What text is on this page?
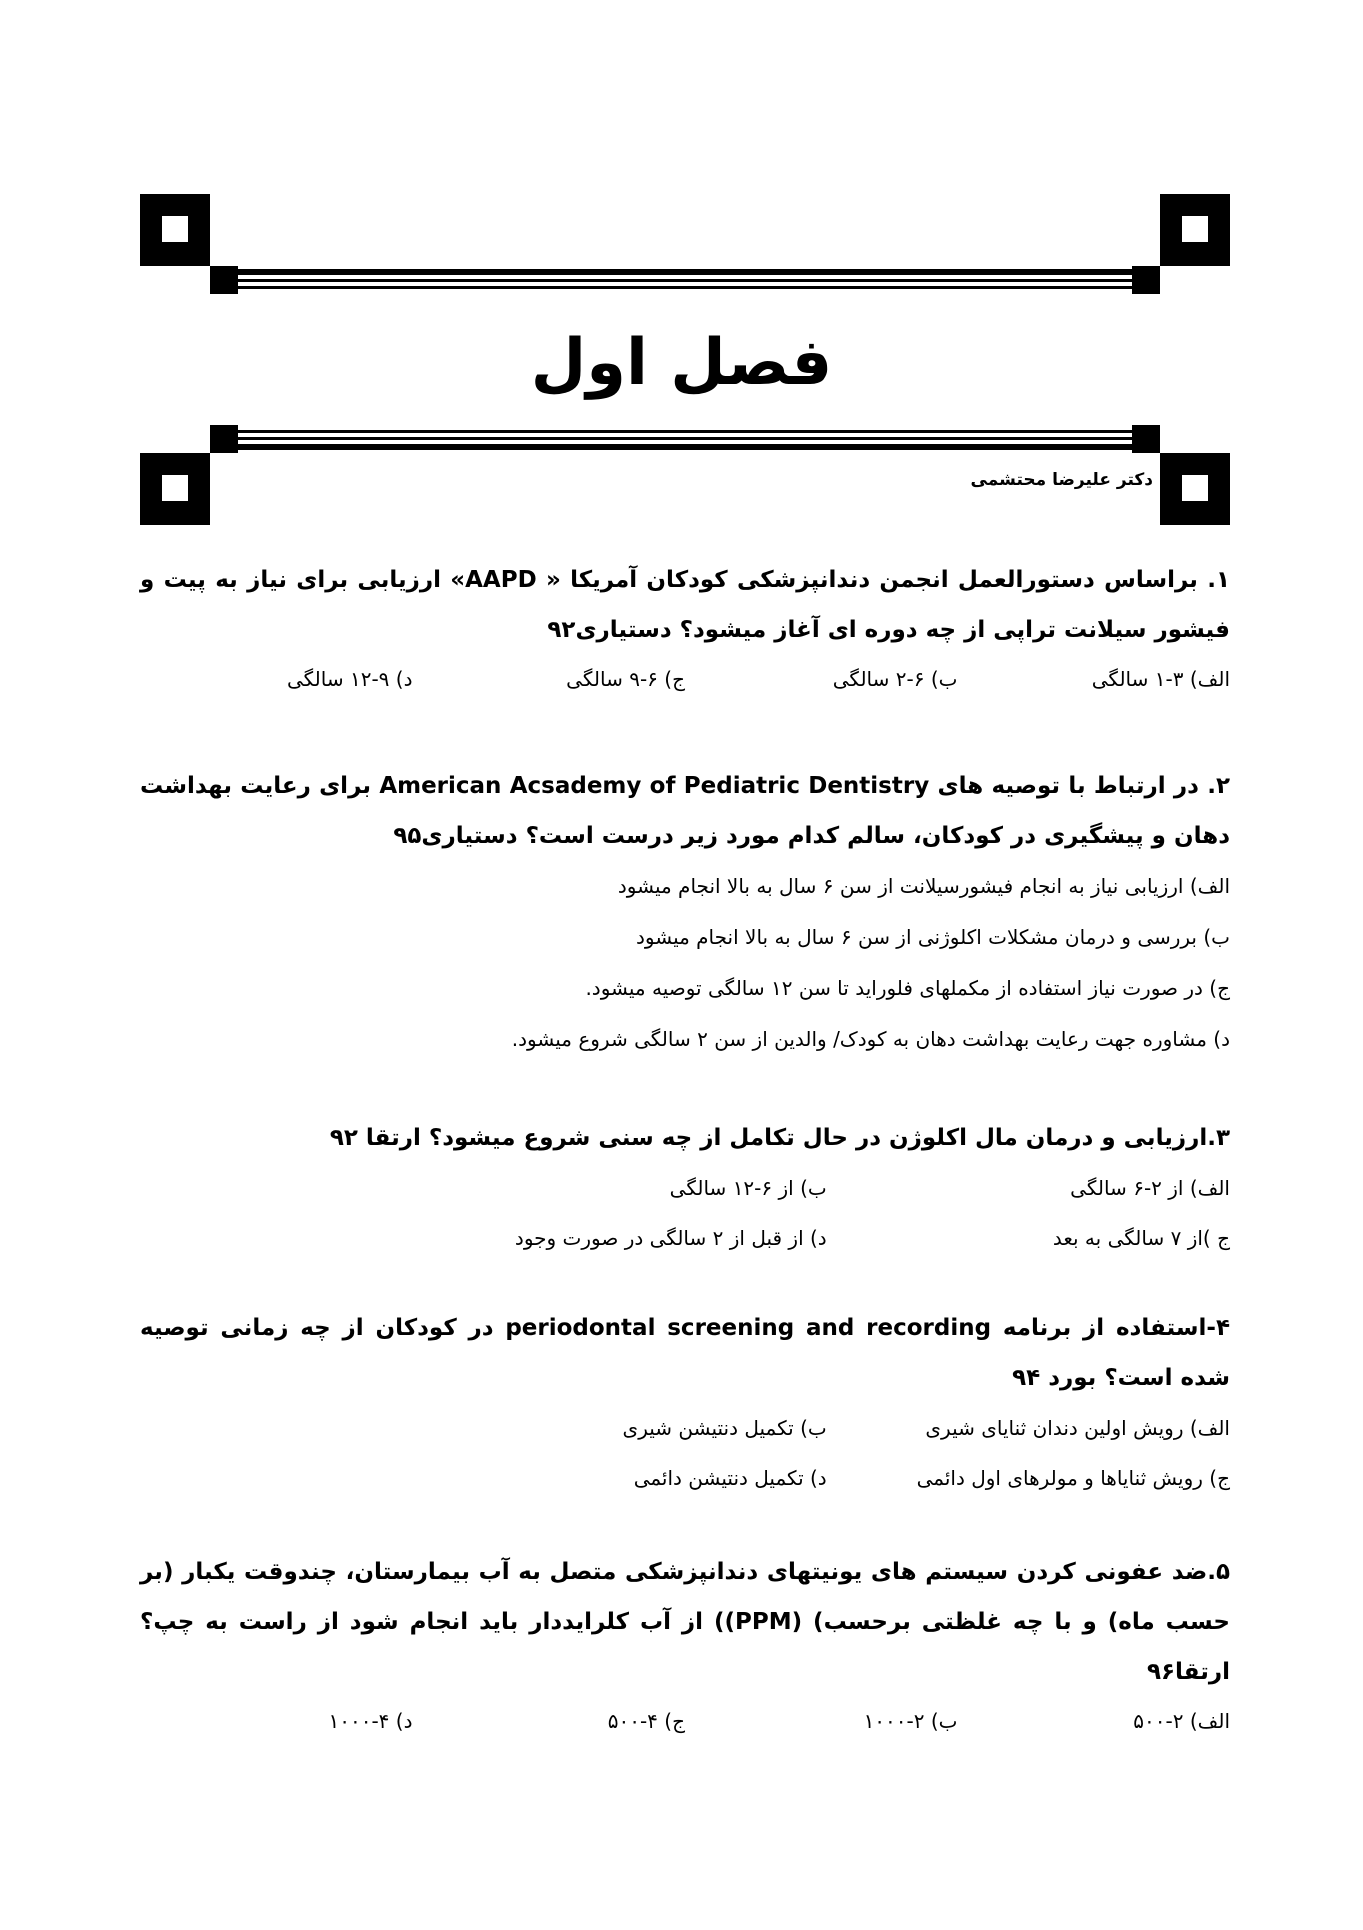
فصل اول
دکتر علیرضا محتشمی
۱. براساس دستورالعمل انجمن دندانپزشکی کودکان آمریکا « AAPD» ارزیابی برای نیاز به پیت و فیشور سیلانت تراپی از چه دوره ای آغاز میشود؟ دستیاری۹۲
الف) ۳-۱ سالگی
ب) ۶-۲ سالگی
ج) ۶-۹ سالگی
د) ۹-۱۲ سالگی
۲. در ارتباط با توصیه های American Acsademy of Pediatric Dentistry برای رعایت بهداشت دهان و پیشگیری در کودکان، سالم کدام مورد زیر درست است؟ دستیاری۹۵
الف) ارزیابی نیاز به انجام فیشورسیلانت از سن ۶ سال به بالا انجام میشود
ب) بررسی و درمان مشکلات اکلوژنی از سن ۶ سال به بالا انجام میشود
ج) در صورت نیاز استفاده از مکملهای فلوراید تا سن ۱۲ سالگی توصیه میشود.
د) مشاوره جهت رعایت بهداشت دهان به کودک/ والدین از سن ۲ سالگی شروع میشود.
۳.ارزیابی و درمان مال اکلوژن در حال تکامل از چه سنی شروع میشود؟ ارتقا ۹۲
الف) از ۲-۶ سالگی
ب) از ۶-۱۲ سالگی
ج )از ۷ سالگی به بعد
د) از قبل از ۲ سالگی در صورت وجود
۴-استفاده از برنامه periodontal screening and recording در کودکان از چه زمانی توصیه شده است؟ بورد ۹۴
الف) رویش اولین دندان ثنایای شیری
ب) تکمیل دنتیشن شیری
ج) رویش ثنایاها و مولرهای اول دائمی
د) تکمیل دنتیشن دائمی
۵.ضد عفونی کردن سیستم های یونیتهای دندانپزشکی متصل به آب بیمارستان، چندوقت یکبار (بر حسب ماه) و با چه غلظتی برحسب) (PPM)) از آب کلرایددار باید انجام شود از راست به چپ؟ ارتقا۹۶
الف) ۲-۵۰۰
ب) ۲-۱۰۰۰
ج) ۴-۵۰۰
د) ۴-۱۰۰۰
